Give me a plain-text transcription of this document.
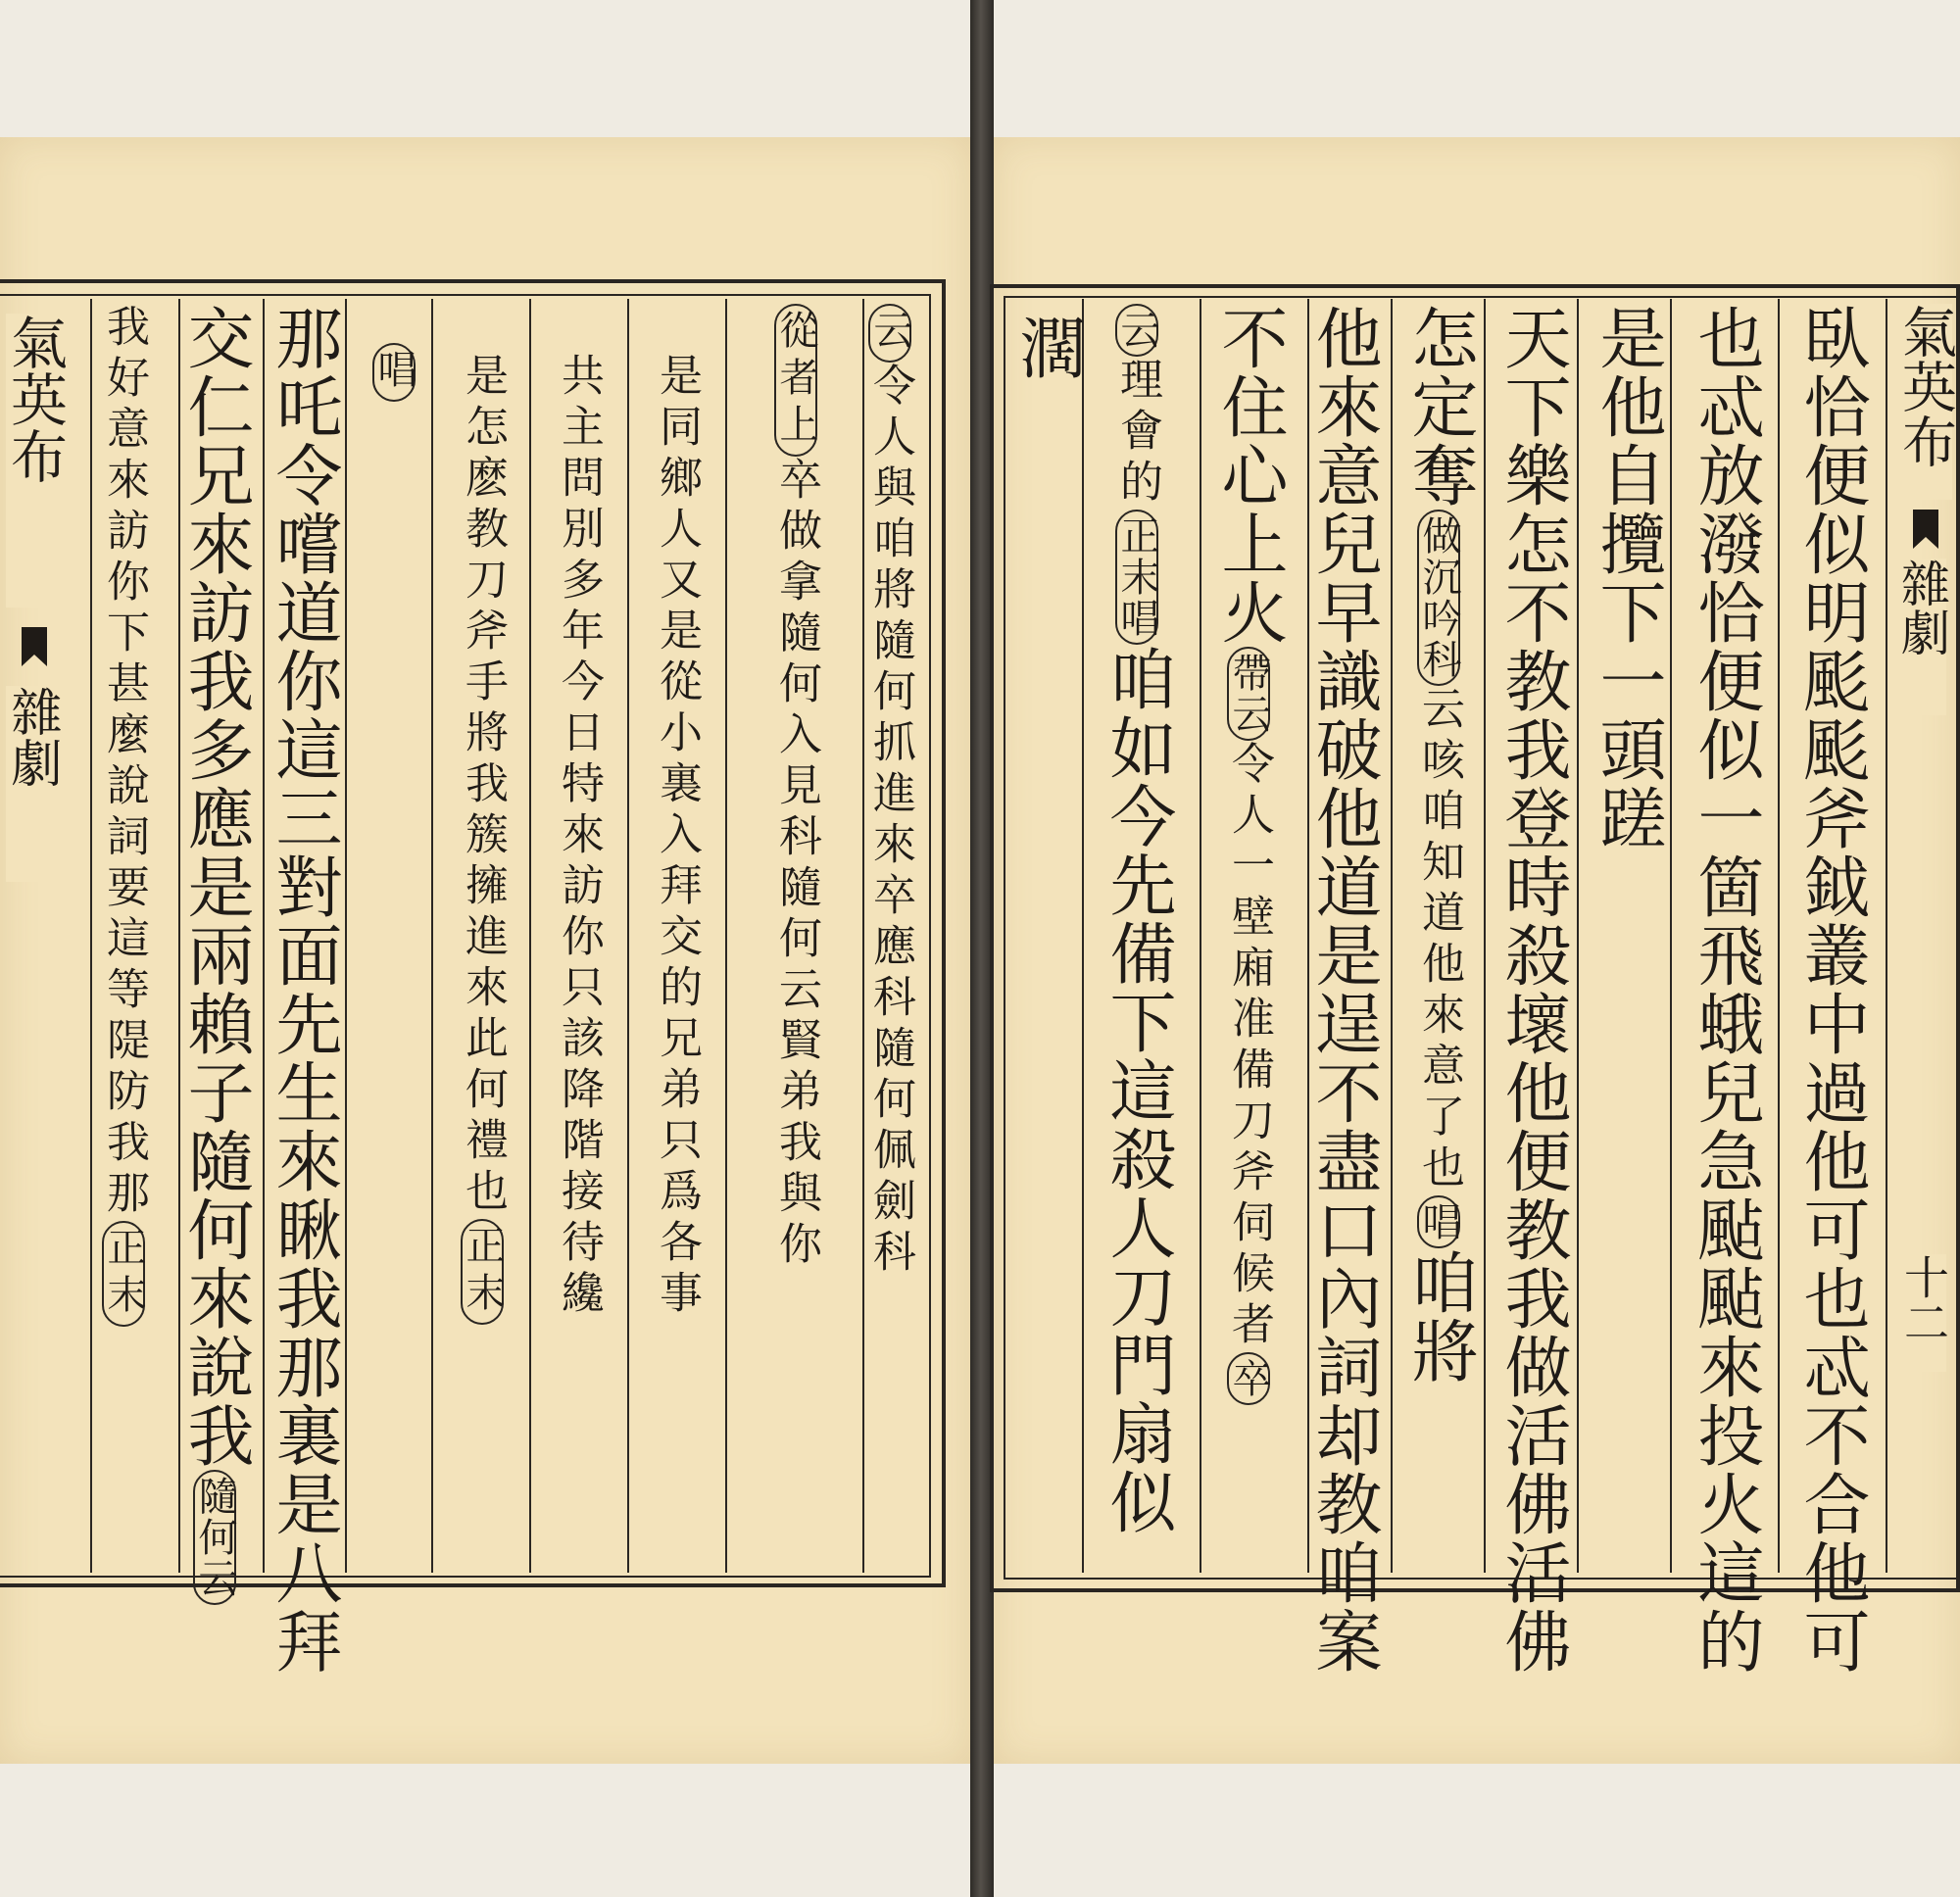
氣英布
雜劇
云令人與咱將隨何抓進來卒應科隨何佩劍科
從者上卒做拿隨何入見科隨何云賢弟我與你
是同鄉人又是從小裏入拜交的兄弟只爲各事
共主問別多年今日特來訪你只該降階接待纔
是怎麽教刀斧手將我簇擁進來此何禮也正末
唱
那吒令嚐道你這三對面先生來瞅我那裏是八拜
交仁兄來訪我多應是兩賴子隨何來說我隨何云
我好意來訪你下甚麼說詞要這等隄防我那正末
氣英布
雜劇
十二
臥恰便似明颩颩斧鉞叢中過他可也忒不合他可
也忒放潑恰便似一箇飛蛾兒急颭颭來投火這的
是他自攬下一頭蹉
天下樂怎不教我登時殺壞他便教我做活佛活佛
怎定奪做沉吟科云咳咱知道他來意了也唱咱將
他來意兒早識破他道是逞不盡口內詞却教咱案
不住心上火帶云令人一壁廂准備刀斧伺候者卒
云理會的正末唱咱如今先備下這殺人刀門扇似
濶
